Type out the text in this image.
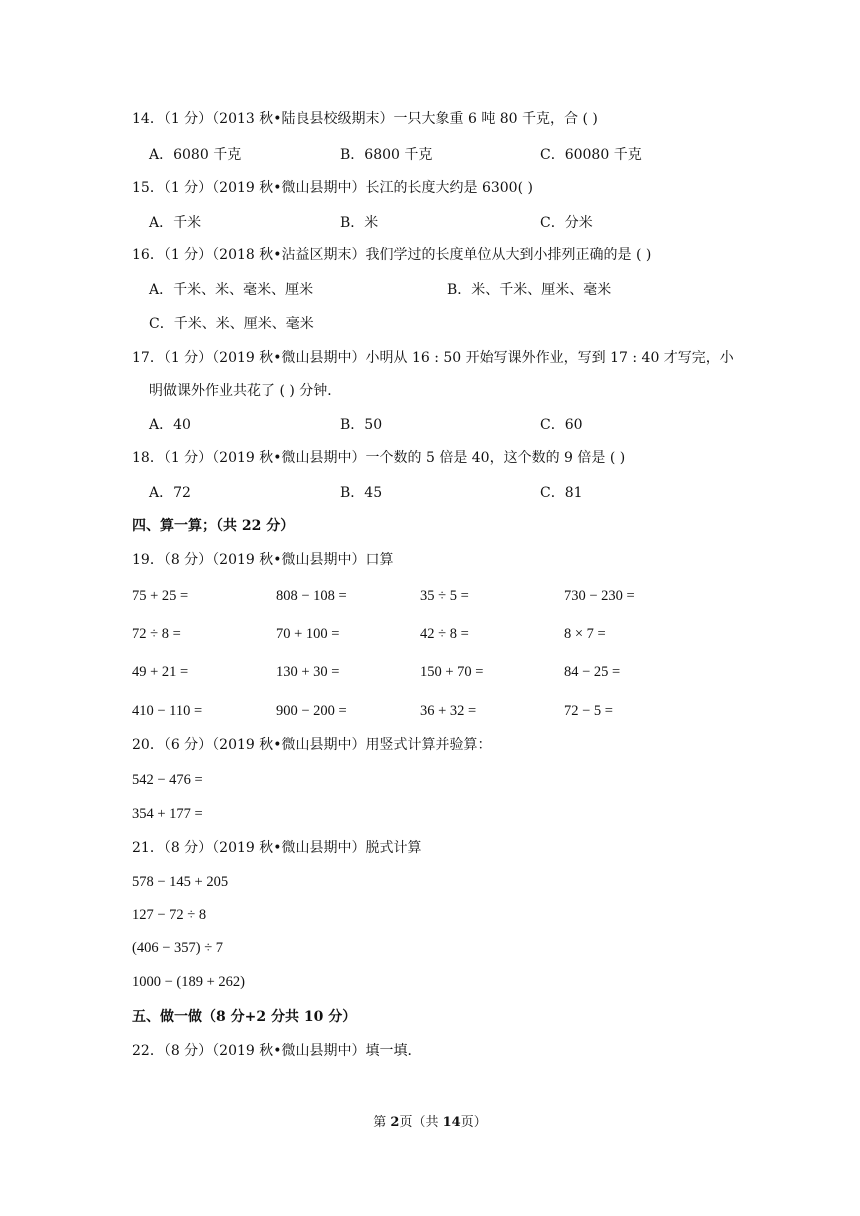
14．（1 分）（2013 秋•陆良县校级期末）一只大象重 6 吨 80 千克，合 ( )
A．6080 千克	B．6800 千克	C．60080 千克
15．（1 分）（2019 秋•微山县期中）长江的长度大约是 6300( )
A．千米	B．米	C．分米
16．（1 分）（2018 秋•沾益区期末）我们学过的长度单位从大到小排列正确的是 ( )
A．千米、米、毫米、厘米	B．米、千米、厘米、毫米
C．千米、米、厘米、毫米
17．（1 分）（2019 秋•微山县期中）小明从 16 : 50 开始写课外作业，写到 17 : 40 才写完，小
明做课外作业共花了 ( ) 分钟．
A．40	B．50	C．60
18．（1 分）（2019 秋•微山县期中）一个数的 5 倍是 40，这个数的 9 倍是 ( )
A．72	B．45	C．81
四、算一算；（共 22 分）
19．（8 分）（2019 秋•微山县期中）口算
75 + 25 =	808 − 108 =	35 ÷ 5 =	730 − 230 =
72 ÷ 8 =	70 + 100 =	42 ÷ 8 =	8 × 7 =
49 + 21 =	130 + 30 =	150 + 70 =	84 − 25 =
410 − 110 =	900 − 200 =	36 + 32 =	72 − 5 =
20．（6 分）（2019 秋•微山县期中）用竖式计算并验算：
542 − 476 =
354 + 177 =
21．（8 分）（2019 秋•微山县期中）脱式计算
578 − 145 + 205
127 − 72 ÷ 8
(406 − 357) ÷ 7
1000 − (189 + 262)
五、做一做（8 分+2 分共 10 分）
22．（8 分）（2019 秋•微山县期中）填一填．
第 2页（共 14页）
